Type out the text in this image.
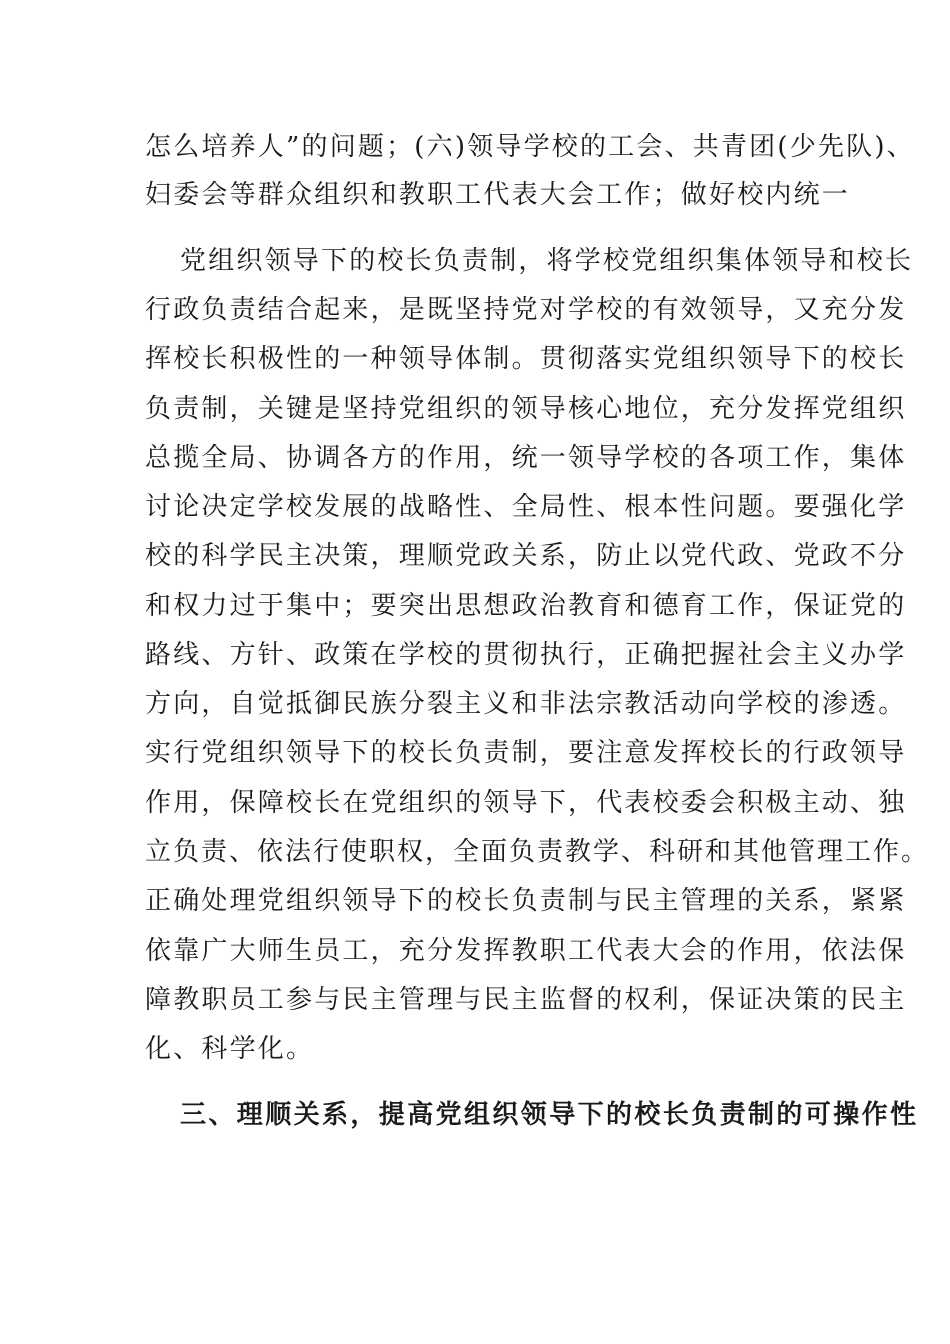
怎么培养人”的问题；(六)领导学校的工会、共青团(少先队)、
妇委会等群众组织和教职工代表大会工作；做好校内统一
党组织领导下的校长负责制，将学校党组织集体领导和校长
行政负责结合起来，是既坚持党对学校的有效领导，又充分发
挥校长积极性的一种领导体制。贯彻落实党组织领导下的校长
负责制，关键是坚持党组织的领导核心地位，充分发挥党组织
总揽全局、协调各方的作用，统一领导学校的各项工作，集体
讨论决定学校发展的战略性、全局性、根本性问题。要强化学
校的科学民主决策，理顺党政关系，防止以党代政、党政不分
和权力过于集中；要突出思想政治教育和德育工作，保证党的
路线、方针、政策在学校的贯彻执行，正确把握社会主义办学
方向，自觉抵御民族分裂主义和非法宗教活动向学校的渗透。
实行党组织领导下的校长负责制，要注意发挥校长的行政领导
作用，保障校长在党组织的领导下，代表校委会积极主动、独
立负责、依法行使职权，全面负责教学、科研和其他管理工作。
正确处理党组织领导下的校长负责制与民主管理的关系，紧紧
依靠广大师生员工，充分发挥教职工代表大会的作用，依法保
障教职员工参与民主管理与民主监督的权利，保证决策的民主
化、科学化。
三、理顺关系，提高党组织领导下的校长负责制的可操作性
